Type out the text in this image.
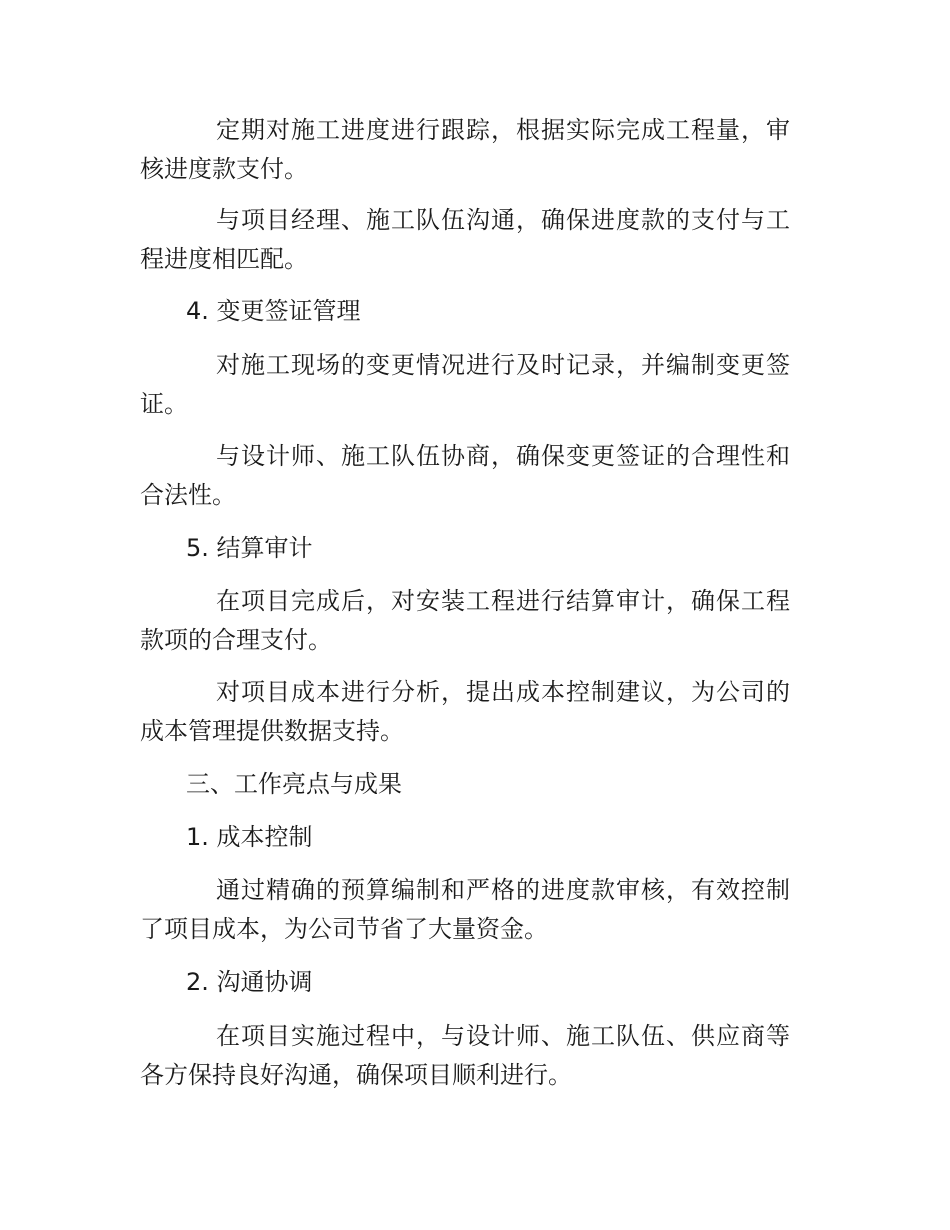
定期对施工进度进行跟踪，根据实际完成工程量，审核进度款支付。

与项目经理、施工队伍沟通，确保进度款的支付与工程进度相匹配。

4. 变更签证管理

对施工现场的变更情况进行及时记录，并编制变更签证。

与设计师、施工队伍协商，确保变更签证的合理性和合法性。

5. 结算审计

在项目完成后，对安装工程进行结算审计，确保工程款项的合理支付。

对项目成本进行分析，提出成本控制建议，为公司的成本管理提供数据支持。

三、工作亮点与成果

1. 成本控制

通过精确的预算编制和严格的进度款审核，有效控制了项目成本，为公司节省了大量资金。

2. 沟通协调

在项目实施过程中，与设计师、施工队伍、供应商等各方保持良好沟通，确保项目顺利进行。
